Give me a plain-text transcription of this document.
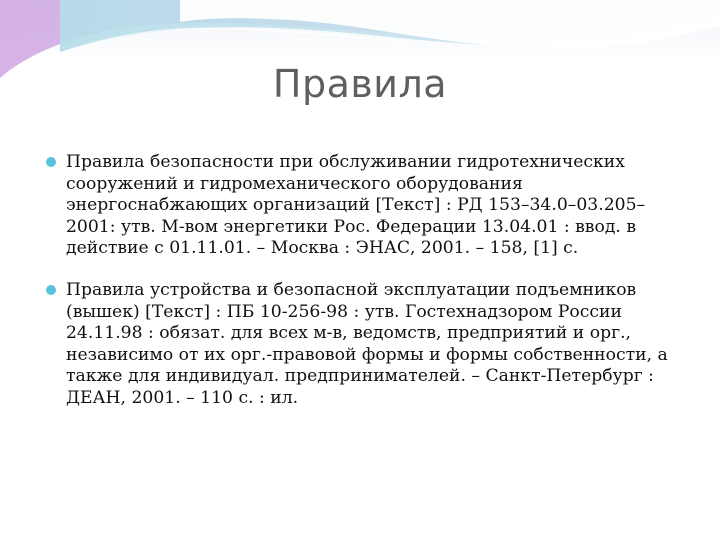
Правила
Правила безопасности при обслуживании гидротехнических сооружений и гидромеханического оборудования энергоснабжающих организаций [Текст] : РД 153–34.0–03.205–2001: утв. М-вом энергетики Рос. Федерации 13.04.01 : ввод. в действие с 01.11.01. – Москва : ЭНАС, 2001. – 158, [1] с.
Правила устройства и безопасной эксплуатации подъемников (вышек) [Текст] : ПБ 10-256-98 : утв. Гостехнадзором России 24.11.98 : обязат. для всех м-в, ведомств, предприятий и орг., независимо от их орг.-правовой формы и формы собственности, а также для индивидуал. предпринимателей. – Санкт-Петербург : ДЕАН, 2001. – 110 с. : ил.
